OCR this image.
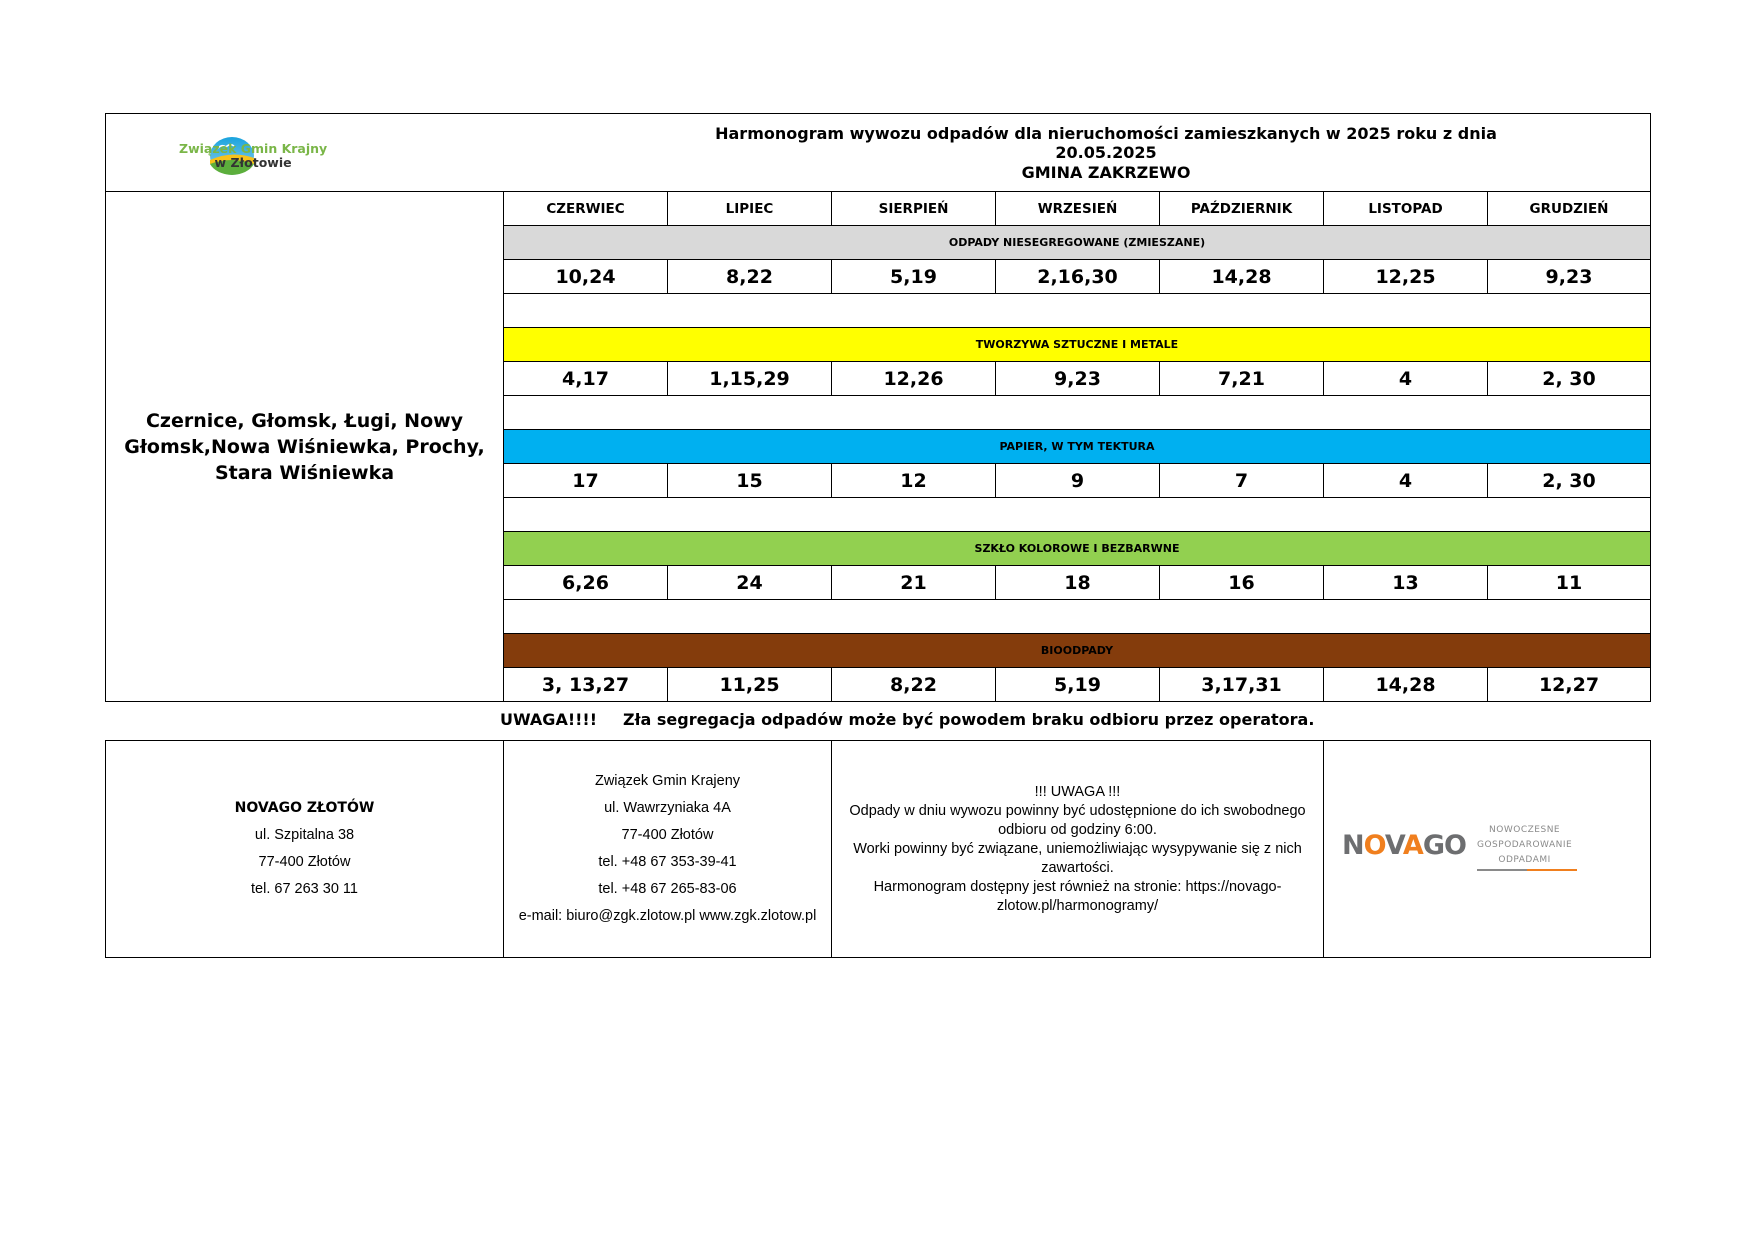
Związek Gmin Krajny
w Złotowie
Harmonogram wywozu odpadów dla nieruchomości zamieszkanych w 2025 roku z dnia 20.05.2025
GMINA ZAKRZEWO							

Czernice, Głomsk, Ługi, Nowy Głomsk,Nowa Wiśniewka, Prochy, Stara Wiśniewka	CZERWIEC	LIPIEC	SIERPIEŃ	WRZESIEŃ	PAŹDZIERNIK	LISTOPAD	GRUDZIEŃ
	ODPADY NIESEGREGOWANE (ZMIESZANE)						
	10,24	8,22	5,19	2,16,30	14,28	12,25	9,23

	TWORZYWA SZTUCZNE I METALE						
	4,17	1,15,29	12,26	9,23	7,21	4	2, 30

	PAPIER, W TYM TEKTURA						
	17	15	12	9	7	4	2, 30

	SZKŁO KOLOROWE I BEZBARWNE						
	6,26	24	21	18	16	13	11

	BIOODPADY						
	3, 13,27	11,25	8,22	5,19	3,17,31	14,28	12,27
UWAGA!!!! Zła segregacja odpadów może być powodem braku odbioru przez operatora.
NOVAGO ZŁOTÓW
ul. Szpitalna 38
77-400 Złotów
tel. 67 263 30 11

Związek Gmin Krajeny
ul. Wawrzyniaka 4A
77-400 Złotów
tel. +48 67 353-39-41
tel. +48 67 265-83-06
e-mail: biuro@zgk.zlotow.pl www.zgk.zlotow.pl

!!! UWAGA !!!
Odpady w dniu wywozu powinny być udostępnione do ich swobodnego odbioru od godziny 6:00.
Worki powinny być związane, uniemożliwiając wysypywanie się z nich zawartości.
Harmonogram dostępny jest również na stronie: https://novago-zlotow.pl/harmonogramy/

NOVAGO	NOWOCZESNE
GOSPODAROWANIE
ODPADAMI
